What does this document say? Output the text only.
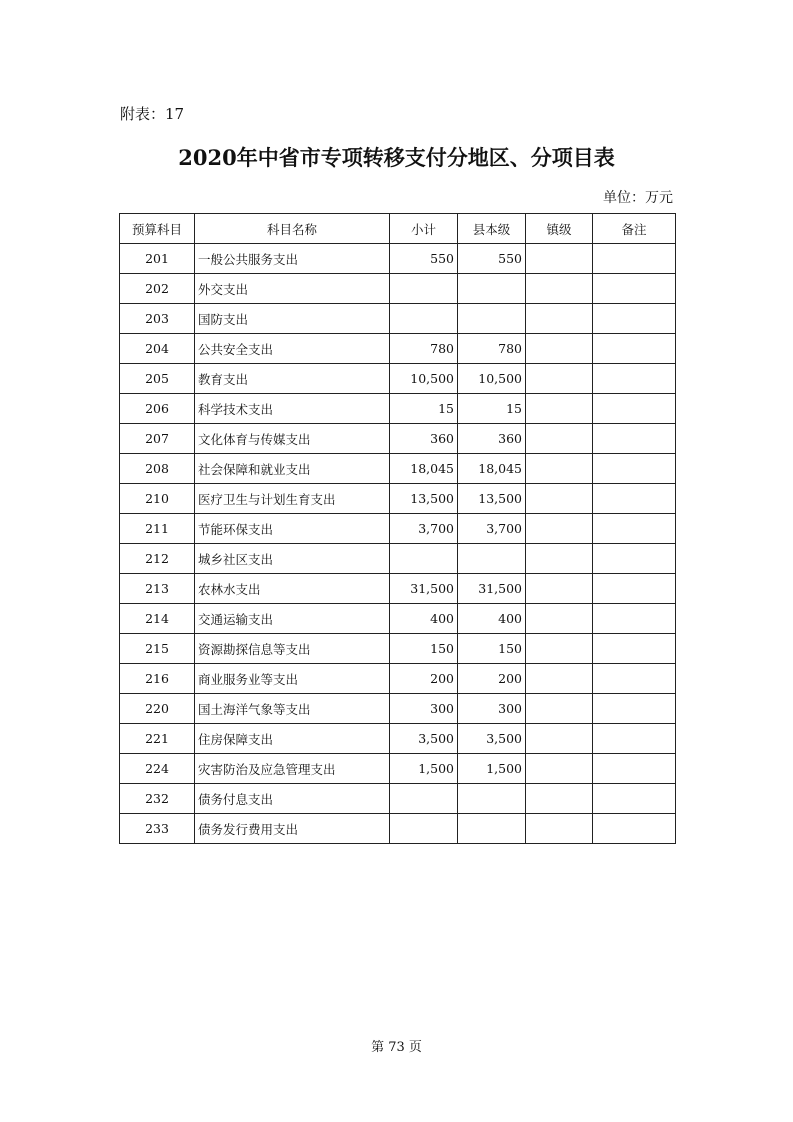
附表：17
2020年中省市专项转移支付分地区、分项目表
单位：万元
预算科目	科目名称	小计	县本级	镇级	备注
201	一般公共服务支出	550	550		
202	外交支出				
203	国防支出				
204	公共安全支出	780	780		
205	教育支出	10,500	10,500		
206	科学技术支出	15	15		
207	文化体育与传媒支出	360	360		
208	社会保障和就业支出	18,045	18,045		
210	医疗卫生与计划生育支出	13,500	13,500		
211	节能环保支出	3,700	3,700		
212	城乡社区支出				
213	农林水支出	31,500	31,500		
214	交通运输支出	400	400		
215	资源勘探信息等支出	150	150		
216	商业服务业等支出	200	200		
220	国土海洋气象等支出	300	300		
221	住房保障支出	3,500	3,500		
224	灾害防治及应急管理支出	1,500	1,500		
232	债务付息支出				
233	债务发行费用支出				
第 73 页
